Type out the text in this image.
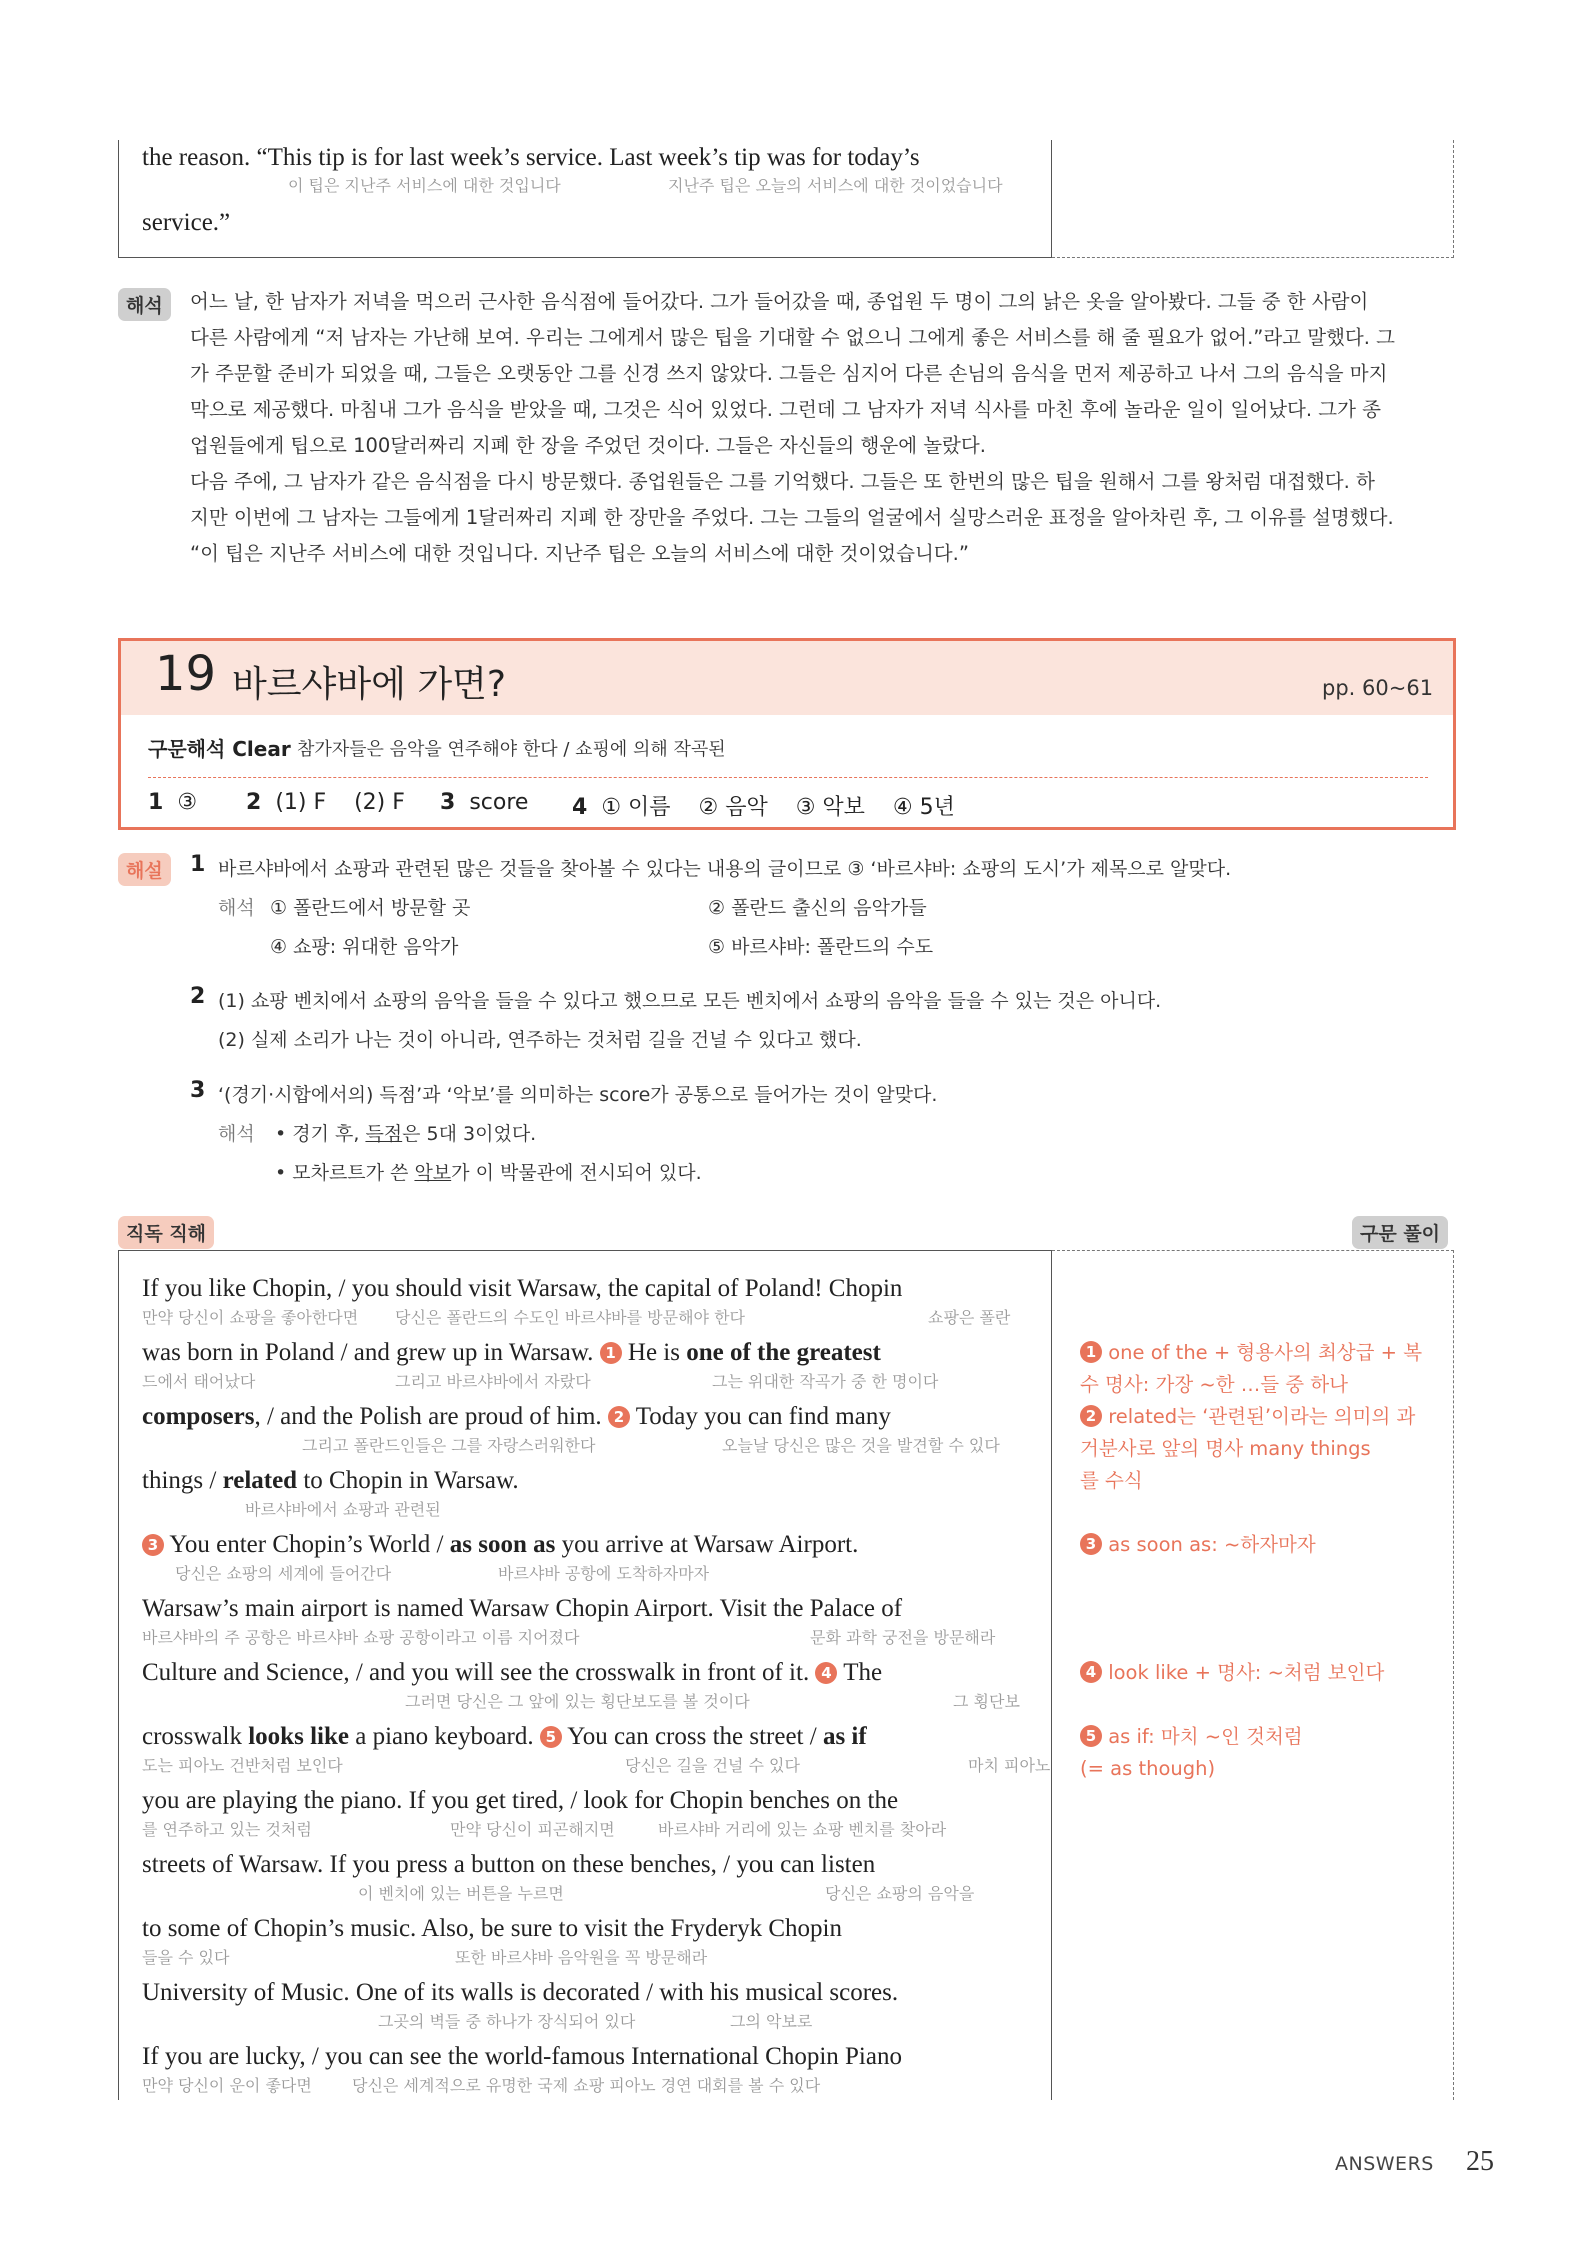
the reason. “This tip is for last week’s service. Last week’s tip was for today’s
이 팁은 지난주 서비스에 대한 것입니다	지난주 팁은 오늘의 서비스에 대한 것이었습니다
service.”
해석	어느 날, 한 남자가 저녁을 먹으러 근사한 음식점에 들어갔다. 그가 들어갔을 때, 종업원 두 명이 그의 낡은 옷을 알아봤다. 그들 중 한 사람이
다른 사람에게 “저 남자는 가난해 보여. 우리는 그에게서 많은 팁을 기대할 수 없으니 그에게 좋은 서비스를 해 줄 필요가 없어.”라고 말했다. 그
가 주문할 준비가 되었을 때, 그들은 오랫동안 그를 신경 쓰지 않았다. 그들은 심지어 다른 손님의 음식을 먼저 제공하고 나서 그의 음식을 마지
막으로 제공했다. 마침내 그가 음식을 받았을 때, 그것은 식어 있었다. 그런데 그 남자가 저녁 식사를 마친 후에 놀라운 일이 일어났다. 그가 종
업원들에게 팁으로 100달러짜리 지폐 한 장을 주었던 것이다. 그들은 자신들의 행운에 놀랐다.
다음 주에, 그 남자가 같은 음식점을 다시 방문했다. 종업원들은 그를 기억했다. 그들은 또 한번의 많은 팁을 원해서 그를 왕처럼 대접했다. 하
지만 이번에 그 남자는 그들에게 1달러짜리 지폐 한 장만을 주었다. 그는 그들의 얼굴에서 실망스러운 표정을 알아차린 후, 그 이유를 설명했다.
“이 팁은 지난주 서비스에 대한 것입니다. 지난주 팁은 오늘의 서비스에 대한 것이었습니다.”
19 바르샤바에 가면?	pp. 60~61
구문해석 Clear 참가자들은 음악을 연주해야 한다 / 쇼핑에 의해 작곡된
1 ③ 2 (1) F    (2) F 3 score 4 ① 이름    ② 음악    ③ 악보    ④ 5년
해설	1 바르샤바에서 쇼팡과 관련된 많은 것들을 찾아볼 수 있다는 내용의 글이므로 ③ ‘바르샤바: 쇼팡의 도시’가 제목으로 알맞다.
해석 ① 폴란드에서 방문할 곳	② 폴란드 출신의 음악가들
④ 쇼팡: 위대한 음악가	⑤ 바르샤바: 폴란드의 수도
2 (1) 쇼팡 벤치에서 쇼팡의 음악을 들을 수 있다고 했으므로 모든 벤치에서 쇼팡의 음악을 들을 수 있는 것은 아니다.
(2) 실제 소리가 나는 것이 아니라, 연주하는 것처럼 길을 건널 수 있다고 했다.
3 ‘(경기·시합에서의) 득점’과 ‘악보’를 의미하는 score가 공통으로 들어가는 것이 알맞다.
해석 • 경기 후, 득점은 5대 3이었다.
• 모차르트가 쓴 악보가 이 박물관에 전시되어 있다.
직독 직해	구문 풀이
If you like Chopin, / you should visit Warsaw, the capital of Poland! Chopin
만약 당신이 쇼팡을 좋아한다면 당신은 폴란드의 수도인 바르샤바를 방문해야 한다	쇼팡은 폴란
was born in Poland / and grew up in Warsaw. 1 He is one of the greatest
드에서 태어났다	그리고 바르샤바에서 자랐다	그는 위대한 작곡가 중 한 명이다
composers, / and the Polish are proud of him. 2 Today you can find many
그리고 폴란드인들은 그를 자랑스러워한다	오늘날 당신은 많은 것을 발견할 수 있다
things / related to Chopin in Warsaw.
바르샤바에서 쇼팡과 관련된
3 You enter Chopin’s World / as soon as you arrive at Warsaw Airport.
당신은 쇼팡의 세계에 들어간다	바르샤바 공항에 도착하자마자
Warsaw’s main airport is named Warsaw Chopin Airport. Visit the Palace of
바르샤바의 주 공항은 바르샤바 쇼팡 공항이라고 이름 지어졌다	문화 과학 궁전을 방문해라
Culture and Science, / and you will see the crosswalk in front of it. 4 The
그러면 당신은 그 앞에 있는 횡단보도를 볼 것이다	그 횡단보
crosswalk looks like a piano keyboard. 5 You can cross the street / as if
도는 피아노 건반처럼 보인다	당신은 길을 건널 수 있다	마치 피아노
you are playing the piano. If you get tired, / look for Chopin benches on the
를 연주하고 있는 것처럼	만약 당신이 피곤해지면	바르샤바 거리에 있는 쇼팡 벤치를 찾아라
streets of Warsaw. If you press a button on these benches, / you can listen
이 벤치에 있는 버튼을 누르면	당신은 쇼팡의 음악을
to some of Chopin’s music. Also, be sure to visit the Fryderyk Chopin
들을 수 있다	또한 바르샤바 음악원을 꼭 방문해라
University of Music. One of its walls is decorated / with his musical scores.
그곳의 벽들 중 하나가 장식되어 있다	그의 악보로
If you are lucky, / you can see the world-famous International Chopin Piano
만약 당신이 운이 좋다면	당신은 세계적으로 유명한 국제 쇼팡 피아노 경연 대회를 볼 수 있다
1 one of the + 형용사의 최상급 + 복
수 명사: 가장 ~한 …들 중 하나
2 related는 ‘관련된’이라는 의미의 과
거분사로 앞의 명사 many things
를 수식
3 as soon as: ~하자마자
4 look like + 명사: ~처럼 보인다
5 as if: 마치 ~인 것처럼
(= as though)
ANSWERS 25
